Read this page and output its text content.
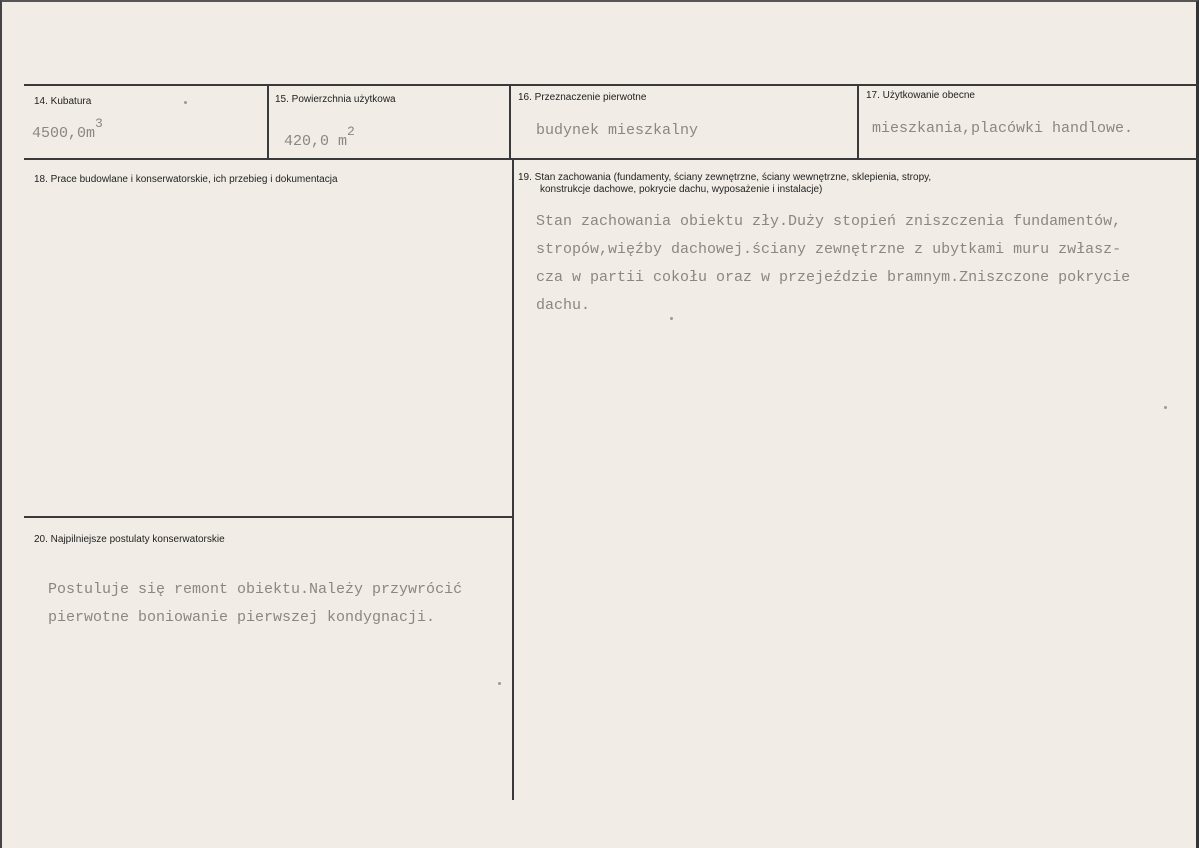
14. Kubatura
$4500,0m^3$
15. Powierzchnia użytkowa
420,0 $m^2$
16. Przeznaczenie pierwotne
budynek mieszkalny
17. Użytkowanie obecne
mieszkania,placówki handlowe.
18. Prace budowlane i konserwatorskie, ich przebieg i dokumentacja	19. Stan zachowania (fundamenty, ściany zewnętrzne, ściany wewnętrzne, sklepienia, stropy,
konstrukcje dachowe, pokrycie dachu, wyposażenie i instalacje)
Stan zachowania obiektu zły.Duży stopień zniszczenia fundamentów,
stropów,więźby dachowej.ściany zewnętrzne z ubytkami muru zwłasz-
cza w partii cokołu oraz w przejeździe bramnym.Zniszczone pokrycie
dachu.
20. Najpilniejsze postulaty konserwatorskie
Postuluje się remont obiektu.Należy przywrócić
pierwotne boniowanie pierwszej kondygnacji.
